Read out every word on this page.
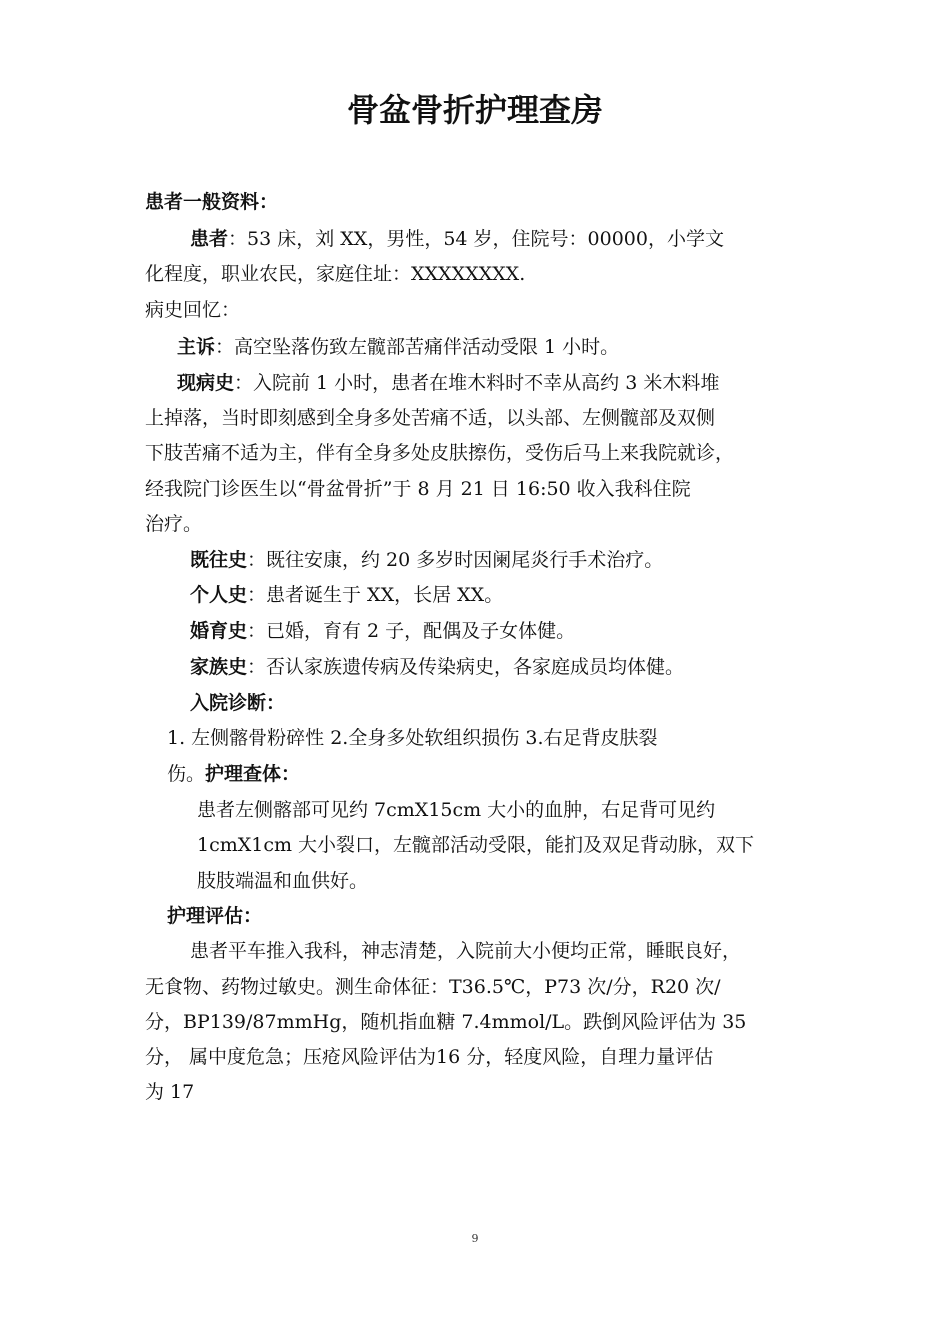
骨盆骨折护理查房
患者一般资料：
患者：53 床，刘 XX，男性，54 岁，住院号：00000，小学文
化程度，职业农民，家庭住址：XXXXXXXX.
病史回忆：
主诉：高空坠落伤致左髋部苦痛伴活动受限 1 小时。
现病史：入院前 1 小时，患者在堆木料时不幸从高约 3 米木料堆
上掉落，当时即刻感到全身多处苦痛不适，以头部、左侧髋部及双侧
下肢苦痛不适为主，伴有全身多处皮肤擦伤，受伤后马上来我院就诊，
经我院门诊医生以“骨盆骨折”于 8 月 21 日 16:50 收入我科住院
治疗。
既往史：既往安康，约 20 多岁时因阑尾炎行手术治疗。
个人史：患者诞生于 XX，长居 XX。
婚育史：已婚，育有 2 子，配偶及子女体健。
家族史：否认家族遗传病及传染病史，各家庭成员均体健。
入院诊断：
1. 左侧髂骨粉碎性 2.全身多处软组织损伤 3.右足背皮肤裂
伤。护理查体：
患者左侧髂部可见约 7cmX15cm 大小的血肿，右足背可见约
1cmX1cm 大小裂口，左髋部活动受限，能扪及双足背动脉，双下
肢肢端温和血供好。
护理评估：
患者平车推入我科，神志清楚，入院前大小便均正常，睡眠良好，
无食物、药物过敏史。测生命体征：T36.5℃，P73 次/分，R20 次/
分，BP139/87mmHg，随机指血糖 7.4mmol/L。跌倒风险评估为 35
分， 属中度危急；压疮风险评估为16 分，轻度风险，自理力量评估
为 17
9
